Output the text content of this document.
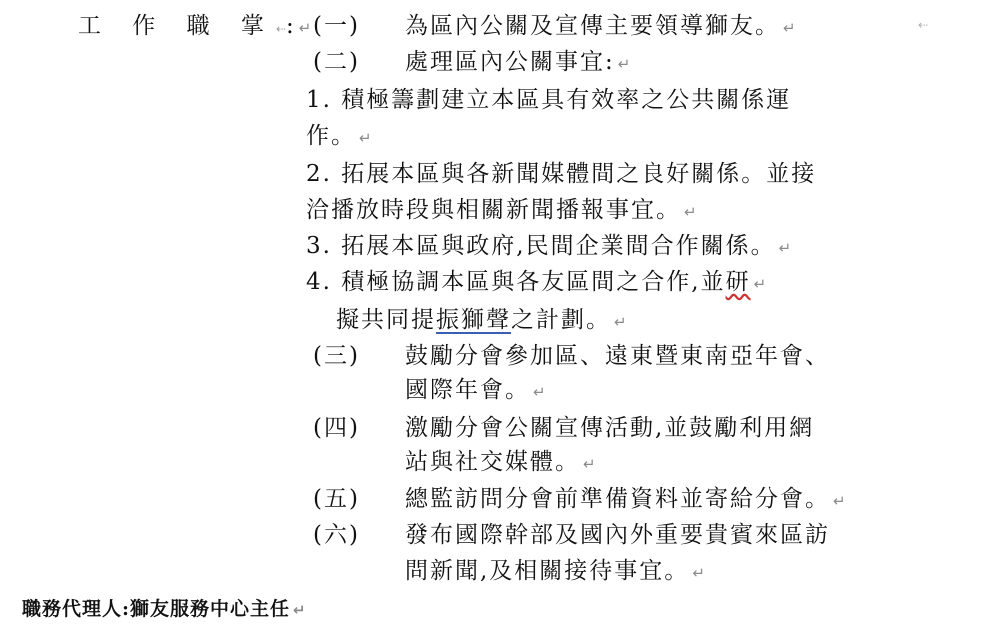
工 作 職 掌⇠: ↵ (一) 為區內公關及宣傳主要領導獅友。 ↵	⇠
(二) 處理區內公關事宜: ↵
1. 積極籌劃建立本區具有效率之公共關係運
作。 ↵
2. 拓展本區與各新聞媒體間之良好關係。並接
洽播放時段與相關新聞播報事宜。 ↵
3. 拓展本區與政府,民間企業間合作關係。 ↵
4. 積極協調本區與各友區間之合作,並研 ↵
擬共同提振獅聲之計劃。 ↵
(三) 鼓勵分會參加區、遠東暨東南亞年會、
國際年會。 ↵
(四) 激勵分會公關宣傳活動,並鼓勵利用網
站與社交媒體。 ↵
(五) 總監訪問分會前準備資料並寄給分會。 ↵
(六) 發布國際幹部及國內外重要貴賓來區訪
問新聞,及相關接待事宜。 ↵
職務代理人:獅友服務中心主任 ↵
